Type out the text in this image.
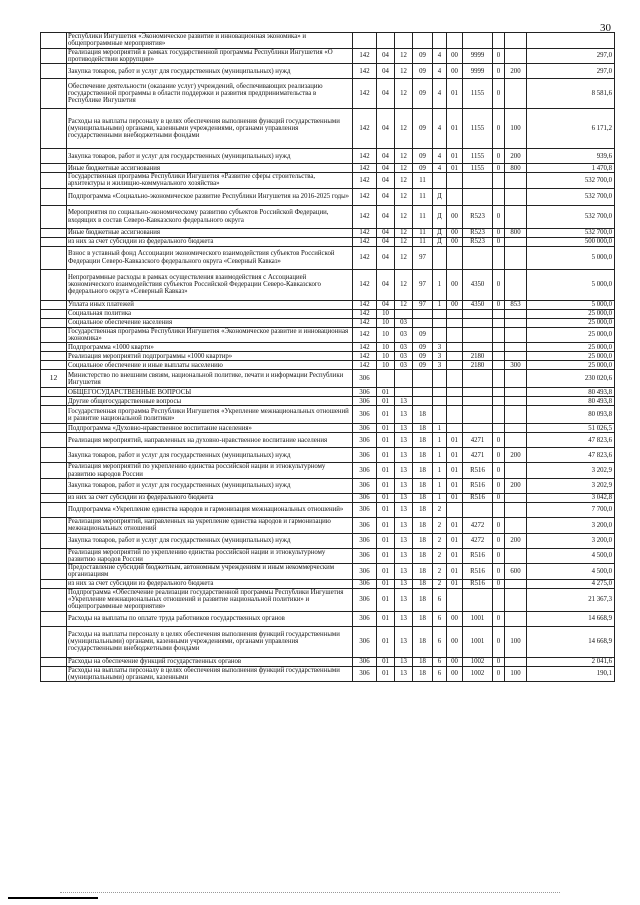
30
	Республики Ингушетия «Экономическое развитие и инновационная экономика» и общепрограммные мероприятия»										
	Реализация мероприятий в рамках государственной программы Республики Ингушетия «О противодействии коррупции»	142	04	12	09	4	00	9999	0		297,0
	Закупка товаров, работ и услуг для государственных (муниципальных) нужд	142	04	12	09	4	00	9999	0	200	297,0
	Обеспечение деятельности (оказание услуг) учреждений, обеспечивающих реализацию государственной программы в области поддержки и развития предпринимательства в Республике Ингушетия	142	04	12	09	4	01	1155	0		8 581,6
	Расходы на выплаты персоналу в целях обеспечения выполнения функций государственными (муниципальными) органами, казенными учреждениями, органами управления государственными внебюджетными фондами	142	04	12	09	4	01	1155	0	100	6 171,2
	Закупка товаров, работ и услуг для государственных (муниципальных) нужд	142	04	12	09	4	01	1155	0	200	939,6
	Иные бюджетные ассигнования	142	04	12	09	4	01	1155	0	800	1 470,8
	Государственная программа Республики Ингушетия «Развитие сферы строительства, архитектуры и жилищно-коммунального хозяйства»	142	04	12	11						532 700,0
	Подпрограмма «Социально-экономическое развитие Республики Ингушетия на 2016-2025 годы»	142	04	12	11	Д					532 700,0
	Мероприятия по социально-экономическому развитию субъектов Российской Федерации, входящих в состав Северо-Кавказского федерального округа	142	04	12	11	Д	00	R523	0		532 700,0
	Иные бюджетные ассигнования	142	04	12	11	Д	00	R523	0	800	532 700,0
	из них за счет субсидии из федерального бюджета	142	04	12	11	Д	00	R523	0		500 000,0
	Взнос в уставный фонд Ассоциации экономического взаимодействия субъектов Российской Федерации Северо-Кавказского федерального округа «Северный Кавказ»	142	04	12	97						5 000,0
	Непрограммные расходы в рамках осуществления взаимодействия с Ассоциацией экономического взаимодействия субъектов Российской Федерации Северо-Кавказского федерального округа «Северный Кавказ»	142	04	12	97	1	00	4350	0		5 000,0
	Уплата иных платежей	142	04	12	97	1	00	4350	0	853	5 000,0
	Социальная политика	142	10								25 000,0
	Социальное обеспечение населения	142	10	03							25 000,0
	Государственная программа Республики Ингушетия «Экономическое развитие и инновационная экономика»	142	10	03	09						25 000,0
	Подпрограмма «1000 кварти»	142	10	03	09	3					25 000,0
	Реализация мероприятий подпрограммы «1000 квартир»	142	10	03	09	3		2180			25 000,0
	Социальное обеспечение и иные выплаты населению	142	10	03	09	3		2180		300	25 000,0
12	Министерство по внешним связям, национальной политике, печати и информации Республики Ингушетия	306									230 020,6
	ОБЩЕГОСУДАРСТВЕННЫЕ ВОПРОСЫ	306	01								80 493,8
	Другие общегосударственные вопросы	306	01	13							80 493,8
	Государственная программа Республики Ингушетия «Укрепление межнациональных отношений и развитие национальной политики»	306	01	13	18						80 093,8
	Подпрограмма «Духовно-нравственное воспитание населения»	306	01	13	18	1					51 026,5
	Реализация мероприятий, направленных на духовно-нравственное воспитание населения	306	01	13	18	1	01	4271	0		47 823,6
	Закупка товаров, работ и услуг для государственных (муниципальных) нужд	306	01	13	18	1	01	4271	0	200	47 823,6
	Реализация мероприятий по укреплению единства российской нации и этнокультурному развитию народов России	306	01	13	18	1	01	R516	0		3 202,9
	Закупка товаров, работ и услуг для государственных (муниципальных) нужд	306	01	13	18	1	01	R516	0	200	3 202,9
	из них за счет субсидии из федерального бюджета	306	01	13	18	1	01	R516	0		3 042,8
	Подпрограмма «Укрепление единства народов и гармонизация межнациональных отношений»	306	01	13	18	2					7 700,0
	Реализация мероприятий, направленных на укрепление единства народов и гармонизацию межнациональных отношений	306	01	13	18	2	01	4272	0		3 200,0
	Закупка товаров, работ и услуг для государственных (муниципальных) нужд	306	01	13	18	2	01	4272	0	200	3 200,0
	Реализация мероприятий по укреплению единства российской нации и этнокультурному развитию народов России	306	01	13	18	2	01	R516	0		4 500,0
	Предоставление субсидий бюджетным, автономным учреждениям и иным некоммерческим организациям	306	01	13	18	2	01	R516	0	600	4 500,0
	из них за счет субсидии из федерального бюджета	306	01	13	18	2	01	R516	0		4 275,0
	Подпрограмма «Обеспечение реализации государственной программы Республики Ингушетия «Укрепление межнациональных отношений и развитие национальной политики» и общепрограммные мероприятия»	306	01	13	18	6					21 367,3
	Расходы на выплаты по оплате труда работников государственных органов	306	01	13	18	6	00	1001	0		14 668,9
	Расходы на выплаты персоналу в целях обеспечения выполнения функций государственными (муниципальными) органами, казенными учреждениями, органами управления государственными внебюджетными фондами	306	01	13	18	6	00	1001	0	100	14 668,9
	Расходы на обеспечение функций государственных органов	306	01	13	18	6	00	1002	0		2 041,6
	Расходы на выплаты персоналу в целях обеспечения выполнения функций государственными (муниципальными) органами, казенными	306	01	13	18	6	00	1002	0	100	190,1
